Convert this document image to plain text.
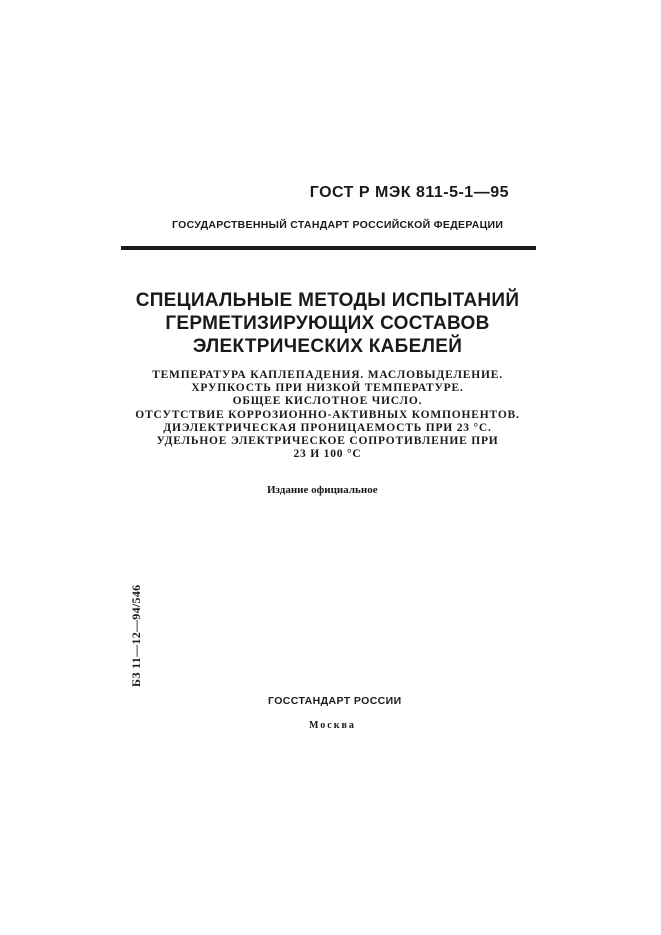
ГОСТ Р МЭК 811-5-1—95
ГОСУДАРСТВЕННЫЙ СТАНДАРТ РОССИЙСКОЙ ФЕДЕРАЦИИ
СПЕЦИАЛЬНЫЕ МЕТОДЫ ИСПЫТАНИЙ
ГЕРМЕТИЗИРУЮЩИХ СОСТАВОВ
ЭЛЕКТРИЧЕСКИХ КАБЕЛЕЙ
ТЕМПЕРАТУРА КАПЛЕПАДЕНИЯ. МАСЛОВЫДЕЛЕНИЕ.
ХРУПКОСТЬ ПРИ НИЗКОЙ ТЕМПЕРАТУРЕ.
ОБЩЕЕ КИСЛОТНОЕ ЧИСЛО.
ОТСУТСТВИЕ КОРРОЗИОННО-АКТИВНЫХ КОМПОНЕНТОВ.
ДИЭЛЕКТРИЧЕСКАЯ ПРОНИЦАЕМОСТЬ ПРИ 23 °С.
УДЕЛЬНОЕ ЭЛЕКТРИЧЕСКОЕ СОПРОТИВЛЕНИЕ ПРИ
23 И 100 °С
Издание официальное
БЗ 11—12—94/546
ГОССТАНДАРТ РОССИИ
Москва
